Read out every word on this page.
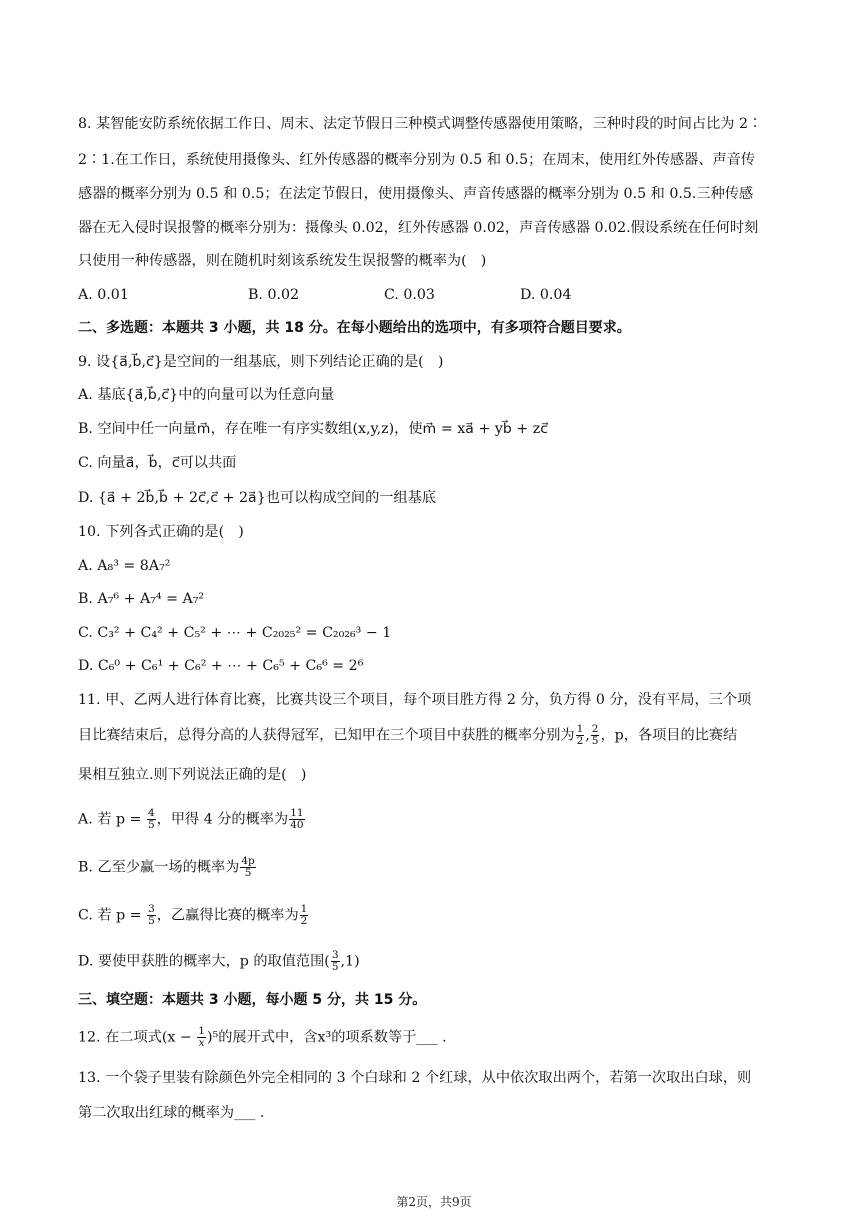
8. 某智能安防系统依据工作日、周末、法定节假日三种模式调整传感器使用策略，三种时段的时间占比为 2∶
2∶1.在工作日，系统使用摄像头、红外传感器的概率分别为 0.5 和 0.5；在周末，使用红外传感器、声音传
感器的概率分别为 0.5 和 0.5；在法定节假日，使用摄像头、声音传感器的概率分别为 0.5 和 0.5.三种传感
器在无入侵时误报警的概率分别为：摄像头 0.02，红外传感器 0.02，声音传感器 0.02.假设系统在任何时刻
只使用一种传感器，则在随机时刻该系统发生误报警的概率为(　)
A. 0.01	B. 0.02	C. 0.03	D. 0.04
二、多选题：本题共 3 小题，共 18 分。在每小题给出的选项中，有多项符合题目要求。
9. 设{a⃗,b⃗,c⃗}是空间的一组基底，则下列结论正确的是(　)
A. 基底{a⃗,b⃗,c⃗}中的向量可以为任意向量
B. 空间中任一向量m⃗，存在唯一有序实数组(x,y,z)，使m⃗ = xa⃗ + yb⃗ + zc⃗
C. 向量a⃗，b⃗，c⃗可以共面
D. {a⃗ + 2b⃗,b⃗ + 2c⃗,c⃗ + 2a⃗}也可以构成空间的一组基底
10. 下列各式正确的是(　)
A. A₈³ = 8A₇²
B. A₇⁶ + A₇⁴ = A₇²
C. C₃² + C₄² + C₅² + ⋯ + C₂₀₂₅² = C₂₀₂₆³ − 1
D. C₆⁰ + C₆¹ + C₆² + ⋯ + C₆⁵ + C₆⁶ = 2⁶
11. 甲、乙两人进行体育比赛，比赛共设三个项目，每个项目胜方得 2 分，负方得 0 分，没有平局，三个项
目比赛结束后，总得分高的人获得冠军，已知甲在三个项目中获胜的概率分别为 $\frac{1}{2}$ , $\frac{2}{5}$ ，p，各项目的比赛结
果相互独立.则下列说法正确的是(　)
A. 若 $p = \frac{4}{5}$ ，甲得 4 分的概率为 $\frac{11}{40}$
B. 乙至少赢一场的概率为 $\frac{4p}{5}$
C. 若 $p = \frac{3}{5}$ ，乙赢得比赛的概率为 $\frac{1}{2}$
D. 要使甲获胜的概率大，p 的取值范围( $\frac{3}{5} ,1$)
三、填空题：本题共 3 小题，每小题 5 分，共 15 分。
12. 在二项式$(x - \frac{1}{x} )^5$的展开式中，含x³的项系数等于___ .
13. 一个袋子里装有除颜色外完全相同的 3 个白球和 2 个红球，从中依次取出两个，若第一次取出白球，则
第二次取出红球的概率为___ .
第2页，共9页
